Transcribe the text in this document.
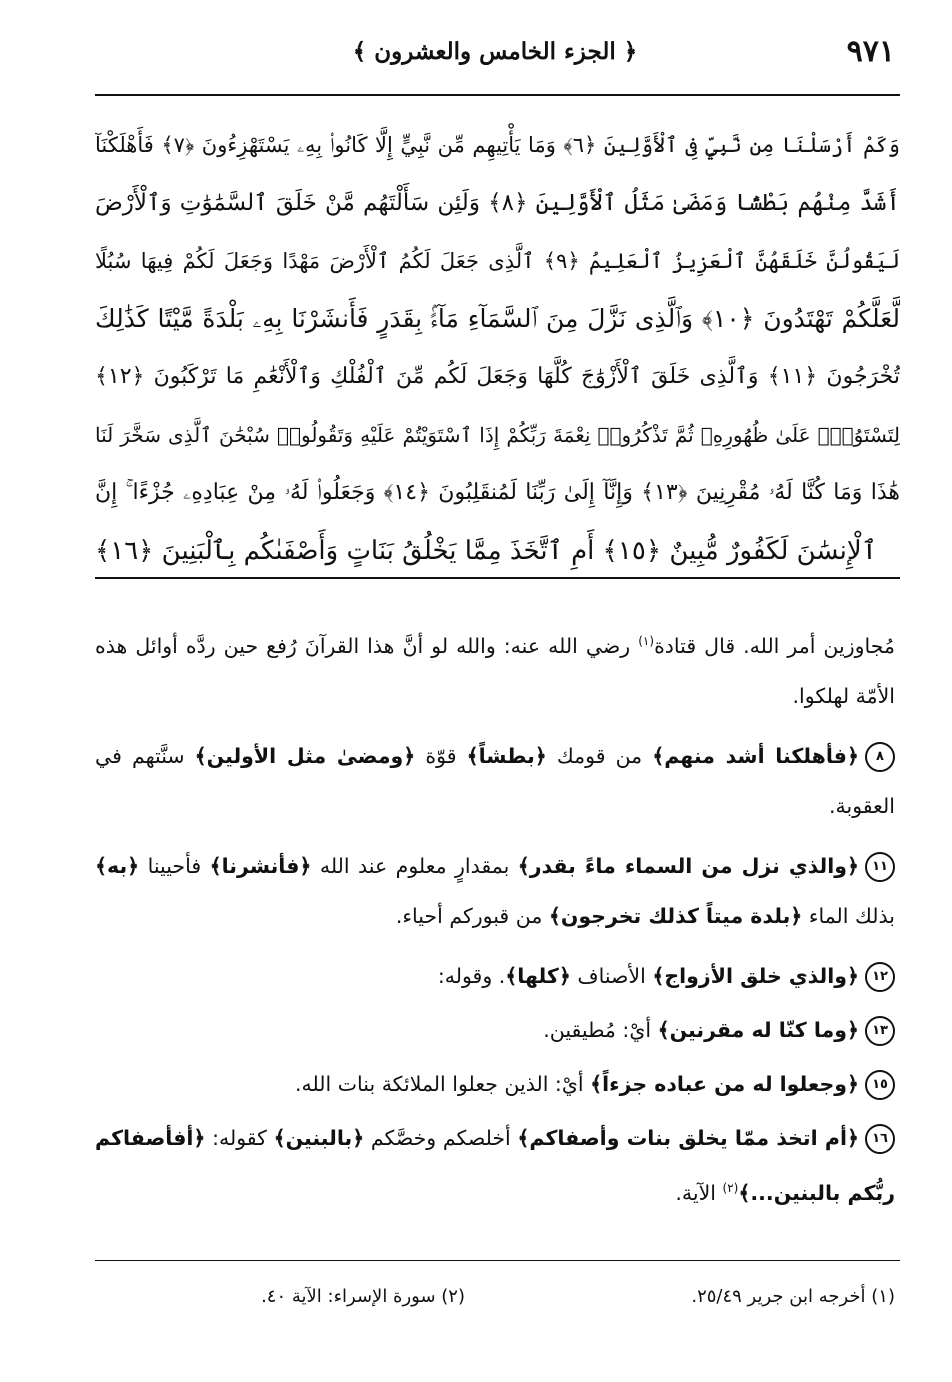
٩٧١
﴿ الجزء الخامس والعشرون ﴾
وَكَمْ أَرْسَلْنَا مِن نَّبِيٍّ فِى ٱلْأَوَّلِينَ ﴿٦﴾ وَمَا يَأْتِيهِم مِّن نَّبِيٍّ إِلَّا كَانُوا۟ بِهِۦ يَسْتَهْزِءُونَ ﴿٧﴾ فَأَهْلَكْنَآ
أَشَدَّ مِنْهُم بَطْشًا وَمَضَىٰ مَثَلُ ٱلْأَوَّلِينَ ﴿٨﴾ وَلَئِن سَأَلْتَهُم مَّنْ خَلَقَ ٱلسَّمَٰوَٰتِ وَٱلْأَرْضَ
لَيَقُولُنَّ خَلَقَهُنَّ ٱلْعَزِيزُ ٱلْعَلِيمُ ﴿٩﴾ ٱلَّذِى جَعَلَ لَكُمُ ٱلْأَرْضَ مَهْدًا وَجَعَلَ لَكُمْ فِيهَا سُبُلًا
لَّعَلَّكُمْ تَهْتَدُونَ ﴿١٠﴾ وَٱلَّذِى نَزَّلَ مِنَ ٱلسَّمَآءِ مَآءًۢ بِقَدَرٍ فَأَنشَرْنَا بِهِۦ بَلْدَةً مَّيْتًا كَذَٰلِكَ
تُخْرَجُونَ ﴿١١﴾ وَٱلَّذِى خَلَقَ ٱلْأَزْوَٰجَ كُلَّهَا وَجَعَلَ لَكُم مِّنَ ٱلْفُلْكِ وَٱلْأَنْعَٰمِ مَا تَرْكَبُونَ ﴿١٢﴾
لِتَسْتَوُۥا۟ عَلَىٰ ظُهُورِهِۦ ثُمَّ تَذْكُرُوا۟ نِعْمَةَ رَبِّكُمْ إِذَا ٱسْتَوَيْتُمْ عَلَيْهِ وَتَقُولُوا۟ سُبْحَٰنَ ٱلَّذِى سَخَّرَ لَنَا
هَٰذَا وَمَا كُنَّا لَهُۥ مُقْرِنِينَ ﴿١٣﴾ وَإِنَّآ إِلَىٰ رَبِّنَا لَمُنقَلِبُونَ ﴿١٤﴾ وَجَعَلُوا۟ لَهُۥ مِنْ عِبَادِهِۦ جُزْءًا ۚ إِنَّ
ٱلْإِنسَٰنَ لَكَفُورٌ مُّبِينٌ ﴿١٥﴾ أَمِ ٱتَّخَذَ مِمَّا يَخْلُقُ بَنَاتٍ وَأَصْفَىٰكُم بِٱلْبَنِينَ ﴿١٦﴾

مُجاوزين أمر الله. قال قتادة$^{(١)}$ رضي الله عنه: والله لو أنَّ هذا القرآنَ رُفع حين ردَّه أوائل هذه الأمّة لهلكوا.

٨﴿فأهلكنا أشد منهم﴾ من قومك ﴿بطشاً﴾ قوّة ﴿ومضىٰ مثل الأولين﴾ سنَّتهم في العقوبة.

١١﴿والذي نزل من السماء ماءً بقدر﴾ بمقدارٍ معلوم عند الله ﴿فأنشرنا﴾ فأحيينا ﴿به﴾ بذلك الماء ﴿بلدة ميتاً كذلك تخرجون﴾ من قبوركم أحياء.

١٢﴿والذي خلق الأزواج﴾ الأصناف ﴿كلها﴾. وقوله:

١٣﴿وما كنّا له مقرنين﴾ أيْ: مُطيقين.

١٥﴿وجعلوا له من عباده جزءاً﴾ أيْ: الذين جعلوا الملائكة بنات الله.

١٦﴿أم اتخذ ممّا يخلق بنات وأصفاكم﴾ أخلصكم وخصَّكم ﴿بالبنين﴾ كقوله: ﴿أفأصفاكم ربُّكم بالبنين...﴾$^{(٢)}$ الآية.

(١) أخرجه ابن جرير ٢٥/٤٩.
(٢) سورة الإسراء: الآية ٤٠.
